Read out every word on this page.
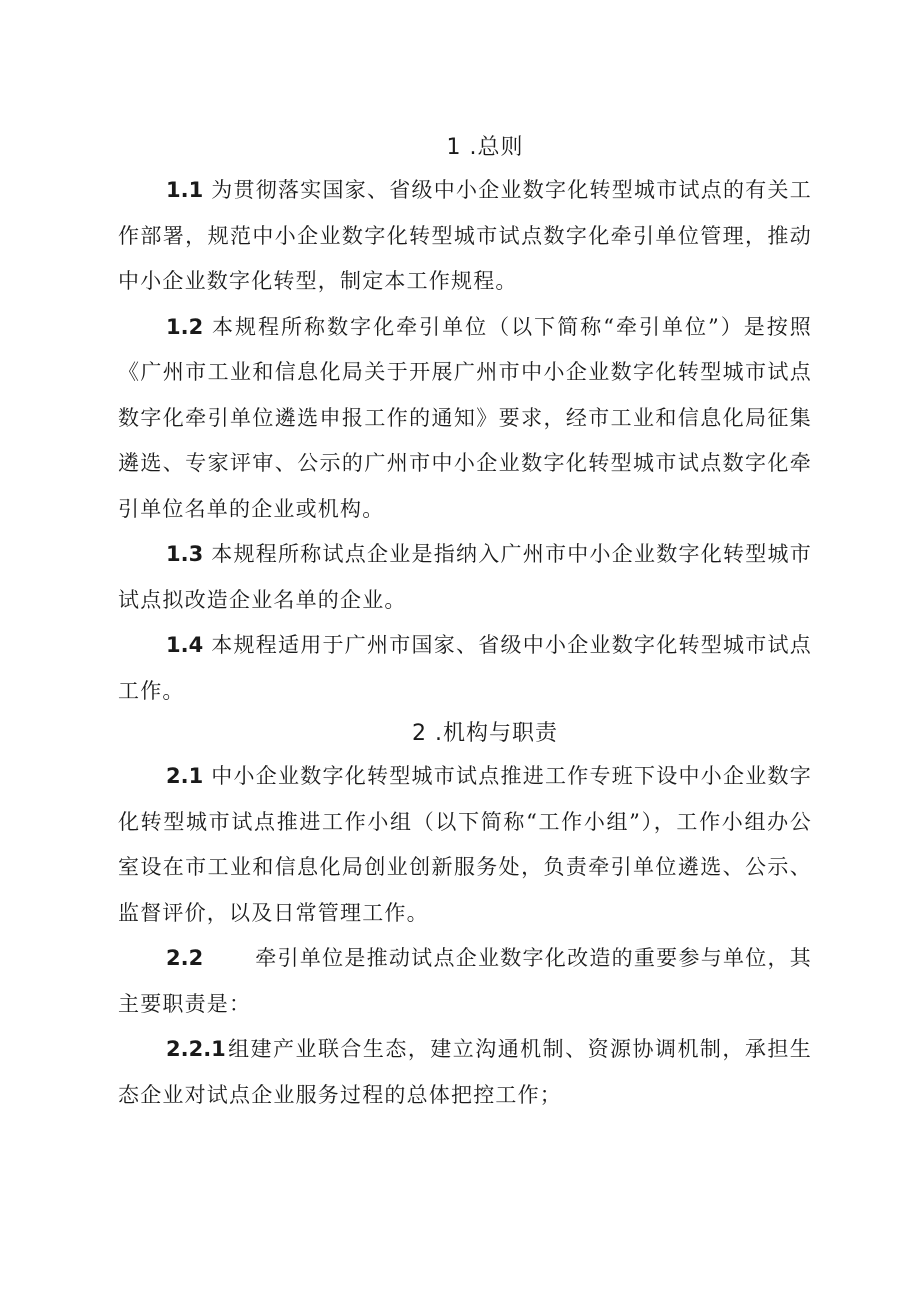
1 .总则

1.1 为贯彻落实国家、省级中小企业数字化转型城市试点的有关工作部署，规范中小企业数字化转型城市试点数字化牵引单位管理，推动中小企业数字化转型，制定本工作规程。

1.2 本规程所称数字化牵引单位（以下简称“牵引单位”）是按照《广州市工业和信息化局关于开展广州市中小企业数字化转型城市试点数字化牵引单位遴选申报工作的通知》要求，经市工业和信息化局征集遴选、专家评审、公示的广州市中小企业数字化转型城市试点数字化牵引单位名单的企业或机构。

1.3 本规程所称试点企业是指纳入广州市中小企业数字化转型城市试点拟改造企业名单的企业。

1.4 本规程适用于广州市国家、省级中小企业数字化转型城市试点工作。

2 .机构与职责

2.1 中小企业数字化转型城市试点推进工作专班下设中小企业数字化转型城市试点推进工作小组（以下简称“工作小组”），工作小组办公室设在市工业和信息化局创业创新服务处，负责牵引单位遴选、公示、监督评价，以及日常管理工作。

2.2 牵引单位是推动试点企业数字化改造的重要参与单位，其主要职责是：

2.2.1组建产业联合生态，建立沟通机制、资源协调机制，承担生态企业对试点企业服务过程的总体把控工作；
